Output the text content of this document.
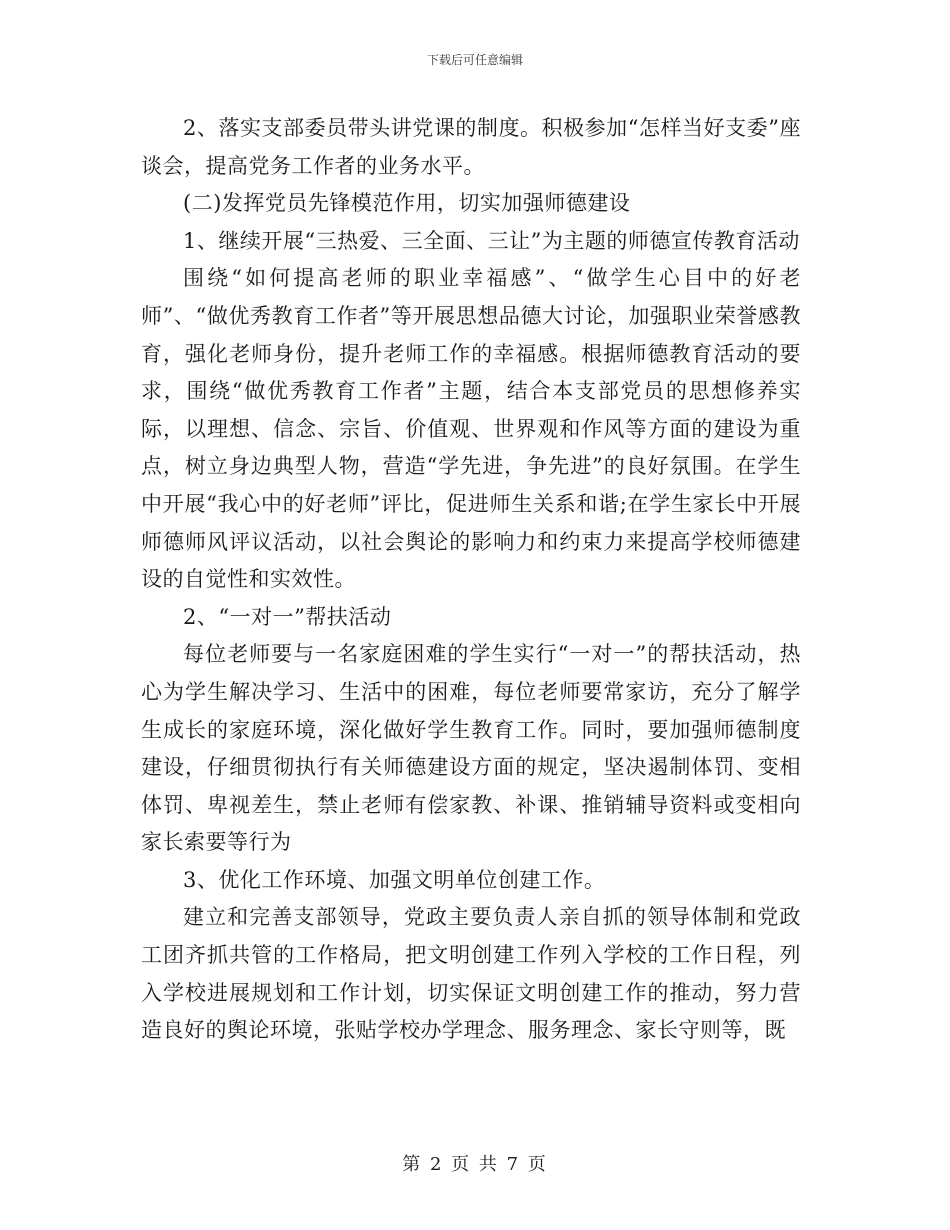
下载后可任意编辑

2、落实支部委员带头讲党课的制度。积极参加“怎样当好支委”座谈会，提高党务工作者的业务水平。

(二)发挥党员先锋模范作用，切实加强师德建设

1、继续开展“三热爱、三全面、三让”为主题的师德宣传教育活动

围绕“如何提高老师的职业幸福感”、“做学生心目中的好老师”、“做优秀教育工作者”等开展思想品德大讨论，加强职业荣誉感教育，强化老师身份，提升老师工作的幸福感。根据师德教育活动的要求，围绕“做优秀教育工作者”主题，结合本支部党员的思想修养实际，以理想、信念、宗旨、价值观、世界观和作风等方面的建设为重点，树立身边典型人物，营造“学先进，争先进”的良好氛围。在学生中开展“我心中的好老师”评比，促进师生关系和谐;在学生家长中开展师德师风评议活动，以社会舆论的影响力和约束力来提高学校师德建设的自觉性和实效性。

2、“一对一”帮扶活动

每位老师要与一名家庭困难的学生实行“一对一”的帮扶活动，热心为学生解决学习、生活中的困难，每位老师要常家访，充分了解学生成长的家庭环境，深化做好学生教育工作。同时，要加强师德制度建设，仔细贯彻执行有关师德建设方面的规定，坚决遏制体罚、变相体罚、卑视差生，禁止老师有偿家教、补课、推销辅导资料或变相向家长索要等行为

3、优化工作环境、加强文明单位创建工作。

建立和完善支部领导，党政主要负责人亲自抓的领导体制和党政工团齐抓共管的工作格局，把文明创建工作列入学校的工作日程，列入学校进展规划和工作计划，切实保证文明创建工作的推动，努力营造良好的舆论环境，张贴学校办学理念、服务理念、家长守则等，既

第 2 页 共 7 页
